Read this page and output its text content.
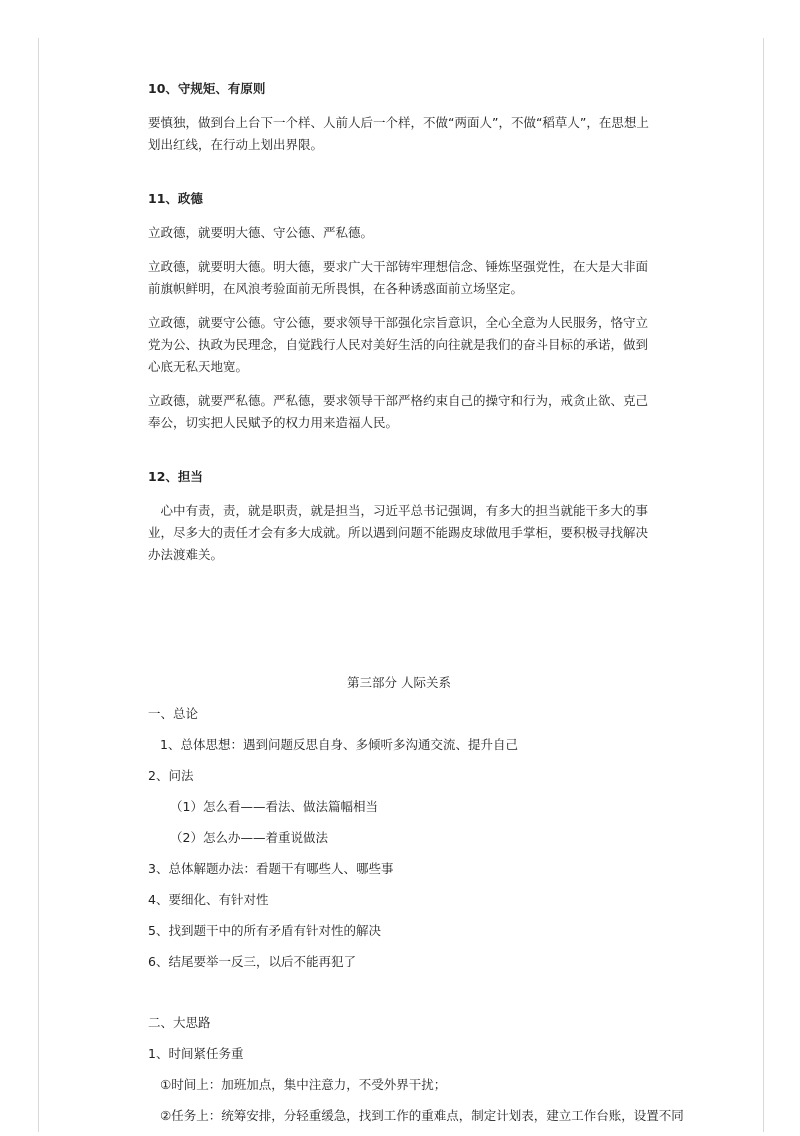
10、守规矩、有原则

要慎独，做到台上台下一个样、人前人后一个样，不做“两面人”，不做“稻草人”，在思想上划出红线，在行动上划出界限。

11、政德

立政德，就要明大德、守公德、严私德。

立政德，就要明大德。明大德，要求广大干部铸牢理想信念、锤炼坚强党性，在大是大非面前旗帜鲜明，在风浪考验面前无所畏惧，在各种诱惑面前立场坚定。

立政德，就要守公德。守公德，要求领导干部强化宗旨意识，全心全意为人民服务，恪守立党为公、执政为民理念，自觉践行人民对美好生活的向往就是我们的奋斗目标的承诺，做到心底无私天地宽。

立政德，就要严私德。严私德，要求领导干部严格约束自己的操守和行为，戒贪止欲、克己奉公，切实把人民赋予的权力用来造福人民。

12、担当

　心中有责，责，就是职责，就是担当，习近平总书记强调，有多大的担当就能干多大的事业，尽多大的责任才会有多大成就。所以遇到问题不能踢皮球做甩手掌柜，要积极寻找解决办法渡难关。

第三部分 人际关系

一、总论

1、总体思想：遇到问题反思自身、多倾听多沟通交流、提升自己

2、问法

（1）怎么看——看法、做法篇幅相当

（2）怎么办——着重说做法

3、总体解题办法：看题干有哪些人、哪些事

4、要细化、有针对性

5、找到题干中的所有矛盾有针对性的解决

6、结尾要举一反三，以后不能再犯了

二、大思路

1、时间紧任务重

①时间上：加班加点，集中注意力，不受外界干扰；

②任务上：统筹安排，分轻重缓急，找到工作的重难点，制定计划表，建立工作台账，设置不同
